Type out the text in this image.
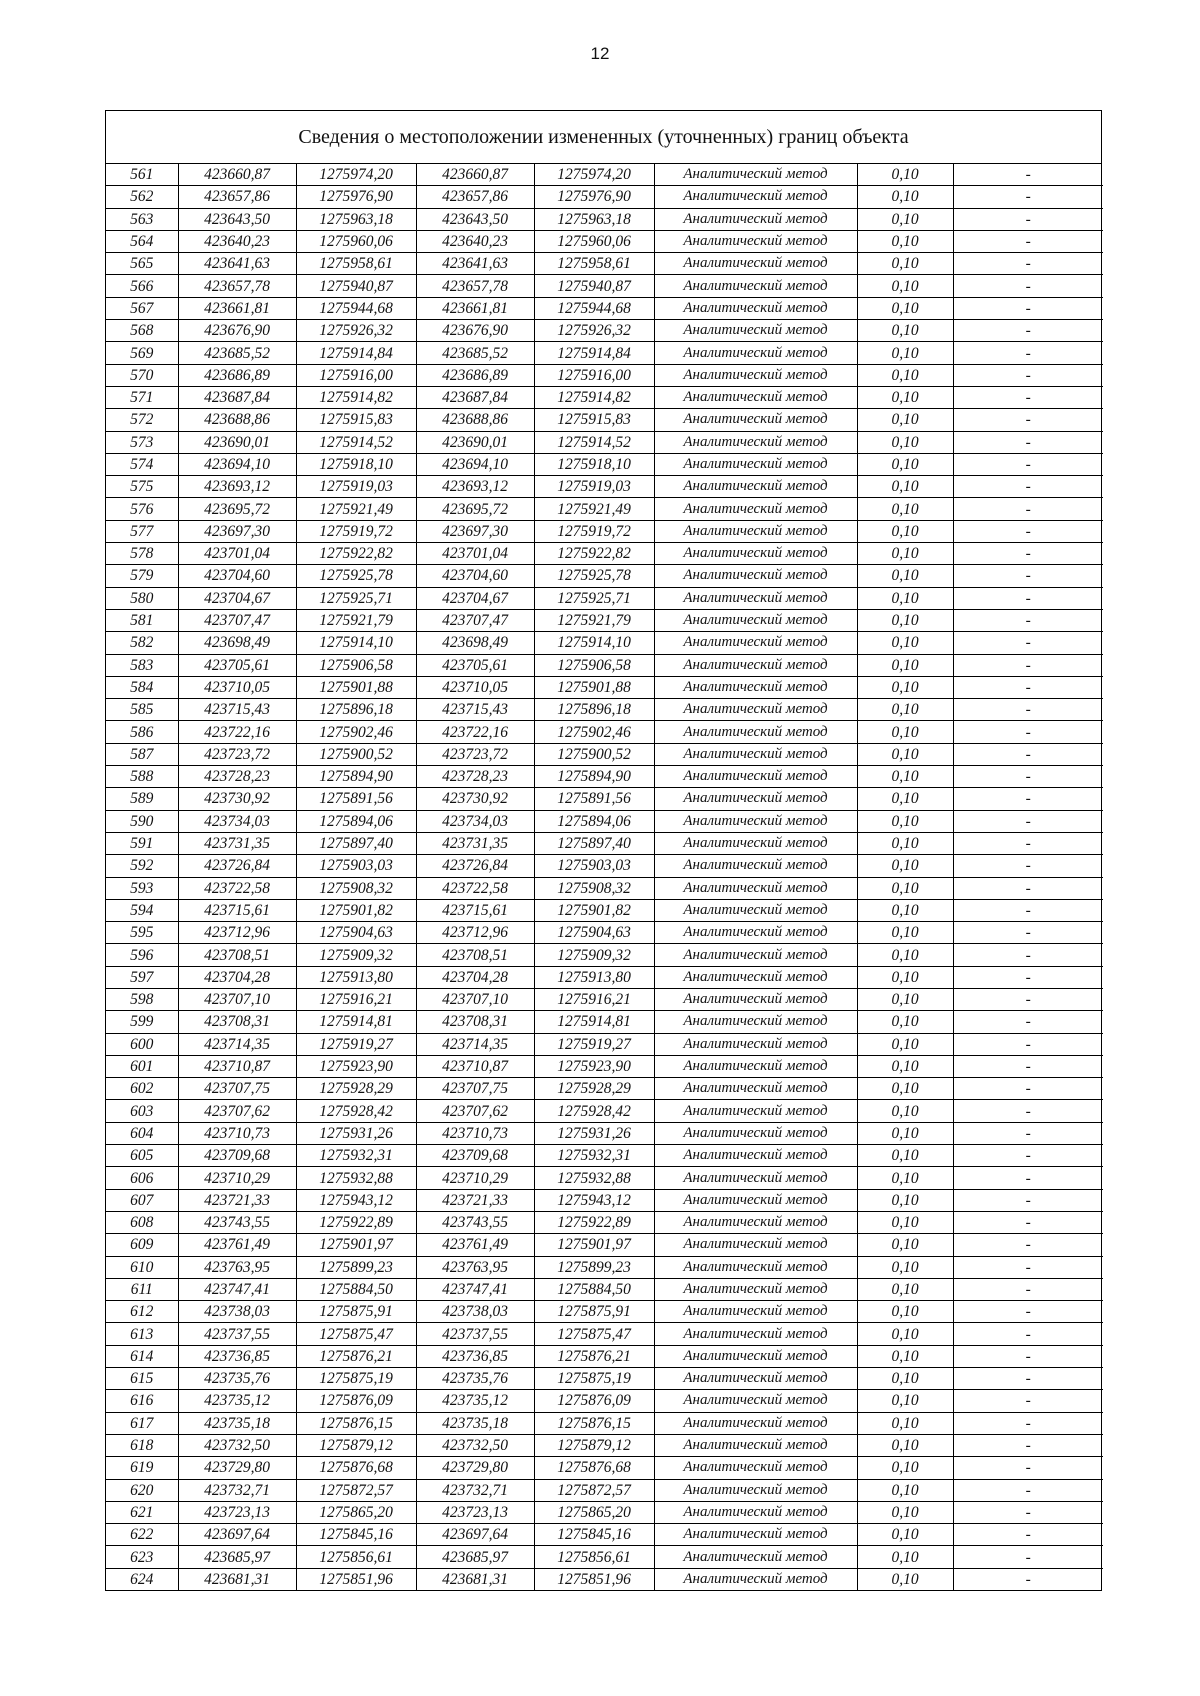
12
Сведения о местоположении измененных (уточненных) границ объекта
561	423660,87	1275974,20	423660,87	1275974,20	Аналитический метод	0,10	-
562	423657,86	1275976,90	423657,86	1275976,90	Аналитический метод	0,10	-
563	423643,50	1275963,18	423643,50	1275963,18	Аналитический метод	0,10	-
564	423640,23	1275960,06	423640,23	1275960,06	Аналитический метод	0,10	-
565	423641,63	1275958,61	423641,63	1275958,61	Аналитический метод	0,10	-
566	423657,78	1275940,87	423657,78	1275940,87	Аналитический метод	0,10	-
567	423661,81	1275944,68	423661,81	1275944,68	Аналитический метод	0,10	-
568	423676,90	1275926,32	423676,90	1275926,32	Аналитический метод	0,10	-
569	423685,52	1275914,84	423685,52	1275914,84	Аналитический метод	0,10	-
570	423686,89	1275916,00	423686,89	1275916,00	Аналитический метод	0,10	-
571	423687,84	1275914,82	423687,84	1275914,82	Аналитический метод	0,10	-
572	423688,86	1275915,83	423688,86	1275915,83	Аналитический метод	0,10	-
573	423690,01	1275914,52	423690,01	1275914,52	Аналитический метод	0,10	-
574	423694,10	1275918,10	423694,10	1275918,10	Аналитический метод	0,10	-
575	423693,12	1275919,03	423693,12	1275919,03	Аналитический метод	0,10	-
576	423695,72	1275921,49	423695,72	1275921,49	Аналитический метод	0,10	-
577	423697,30	1275919,72	423697,30	1275919,72	Аналитический метод	0,10	-
578	423701,04	1275922,82	423701,04	1275922,82	Аналитический метод	0,10	-
579	423704,60	1275925,78	423704,60	1275925,78	Аналитический метод	0,10	-
580	423704,67	1275925,71	423704,67	1275925,71	Аналитический метод	0,10	-
581	423707,47	1275921,79	423707,47	1275921,79	Аналитический метод	0,10	-
582	423698,49	1275914,10	423698,49	1275914,10	Аналитический метод	0,10	-
583	423705,61	1275906,58	423705,61	1275906,58	Аналитический метод	0,10	-
584	423710,05	1275901,88	423710,05	1275901,88	Аналитический метод	0,10	-
585	423715,43	1275896,18	423715,43	1275896,18	Аналитический метод	0,10	-
586	423722,16	1275902,46	423722,16	1275902,46	Аналитический метод	0,10	-
587	423723,72	1275900,52	423723,72	1275900,52	Аналитический метод	0,10	-
588	423728,23	1275894,90	423728,23	1275894,90	Аналитический метод	0,10	-
589	423730,92	1275891,56	423730,92	1275891,56	Аналитический метод	0,10	-
590	423734,03	1275894,06	423734,03	1275894,06	Аналитический метод	0,10	-
591	423731,35	1275897,40	423731,35	1275897,40	Аналитический метод	0,10	-
592	423726,84	1275903,03	423726,84	1275903,03	Аналитический метод	0,10	-
593	423722,58	1275908,32	423722,58	1275908,32	Аналитический метод	0,10	-
594	423715,61	1275901,82	423715,61	1275901,82	Аналитический метод	0,10	-
595	423712,96	1275904,63	423712,96	1275904,63	Аналитический метод	0,10	-
596	423708,51	1275909,32	423708,51	1275909,32	Аналитический метод	0,10	-
597	423704,28	1275913,80	423704,28	1275913,80	Аналитический метод	0,10	-
598	423707,10	1275916,21	423707,10	1275916,21	Аналитический метод	0,10	-
599	423708,31	1275914,81	423708,31	1275914,81	Аналитический метод	0,10	-
600	423714,35	1275919,27	423714,35	1275919,27	Аналитический метод	0,10	-
601	423710,87	1275923,90	423710,87	1275923,90	Аналитический метод	0,10	-
602	423707,75	1275928,29	423707,75	1275928,29	Аналитический метод	0,10	-
603	423707,62	1275928,42	423707,62	1275928,42	Аналитический метод	0,10	-
604	423710,73	1275931,26	423710,73	1275931,26	Аналитический метод	0,10	-
605	423709,68	1275932,31	423709,68	1275932,31	Аналитический метод	0,10	-
606	423710,29	1275932,88	423710,29	1275932,88	Аналитический метод	0,10	-
607	423721,33	1275943,12	423721,33	1275943,12	Аналитический метод	0,10	-
608	423743,55	1275922,89	423743,55	1275922,89	Аналитический метод	0,10	-
609	423761,49	1275901,97	423761,49	1275901,97	Аналитический метод	0,10	-
610	423763,95	1275899,23	423763,95	1275899,23	Аналитический метод	0,10	-
611	423747,41	1275884,50	423747,41	1275884,50	Аналитический метод	0,10	-
612	423738,03	1275875,91	423738,03	1275875,91	Аналитический метод	0,10	-
613	423737,55	1275875,47	423737,55	1275875,47	Аналитический метод	0,10	-
614	423736,85	1275876,21	423736,85	1275876,21	Аналитический метод	0,10	-
615	423735,76	1275875,19	423735,76	1275875,19	Аналитический метод	0,10	-
616	423735,12	1275876,09	423735,12	1275876,09	Аналитический метод	0,10	-
617	423735,18	1275876,15	423735,18	1275876,15	Аналитический метод	0,10	-
618	423732,50	1275879,12	423732,50	1275879,12	Аналитический метод	0,10	-
619	423729,80	1275876,68	423729,80	1275876,68	Аналитический метод	0,10	-
620	423732,71	1275872,57	423732,71	1275872,57	Аналитический метод	0,10	-
621	423723,13	1275865,20	423723,13	1275865,20	Аналитический метод	0,10	-
622	423697,64	1275845,16	423697,64	1275845,16	Аналитический метод	0,10	-
623	423685,97	1275856,61	423685,97	1275856,61	Аналитический метод	0,10	-
624	423681,31	1275851,96	423681,31	1275851,96	Аналитический метод	0,10	-
